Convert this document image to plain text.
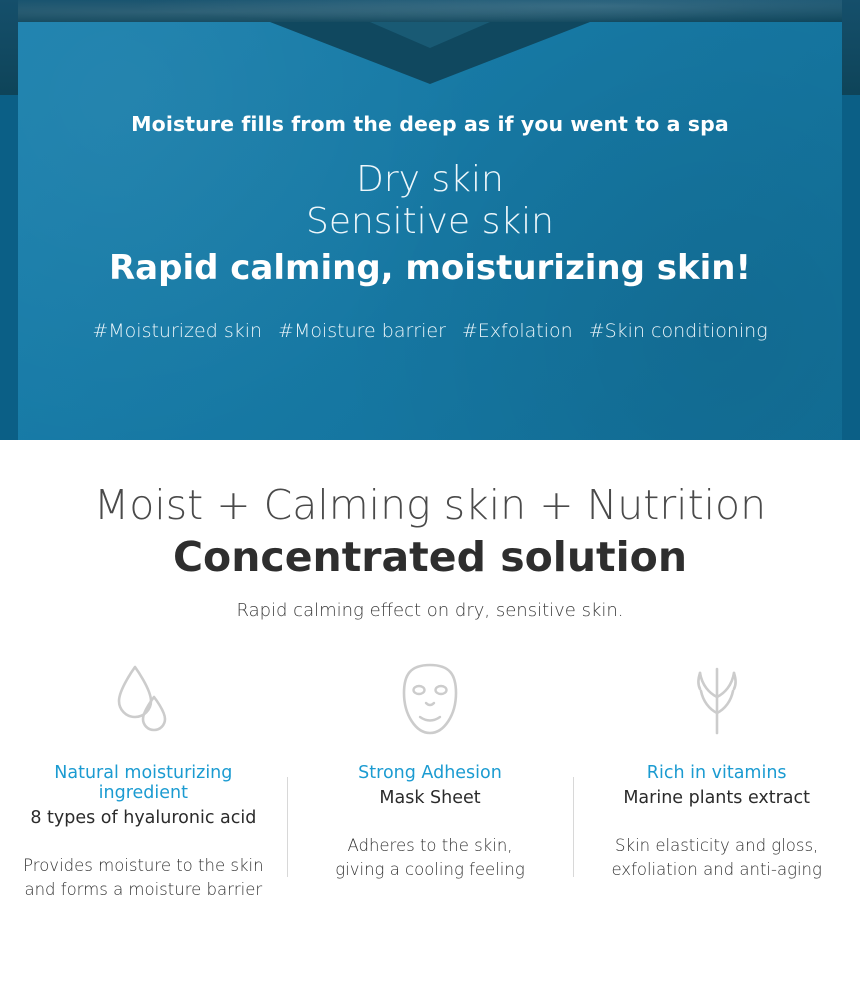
Moisture fills from the deep as if you went to a spa
Dry skin
Sensitive skin
Rapid calming, moisturizing skin!
#Moisturized skin #Moisture barrier #Exfolation #Skin conditioning
Moist + Calming skin + Nutrition
Concentrated solution
Rapid calming effect on dry, sensitive skin.
Natural moisturizing ingredient
8 types of hyaluronic acid
Provides moisture to the skin
and forms a moisture barrier
Strong Adhesion
Mask Sheet
Adheres to the skin,
giving a cooling feeling
Rich in vitamins
Marine plants extract
Skin elasticity and gloss,
exfoliation and anti-aging
